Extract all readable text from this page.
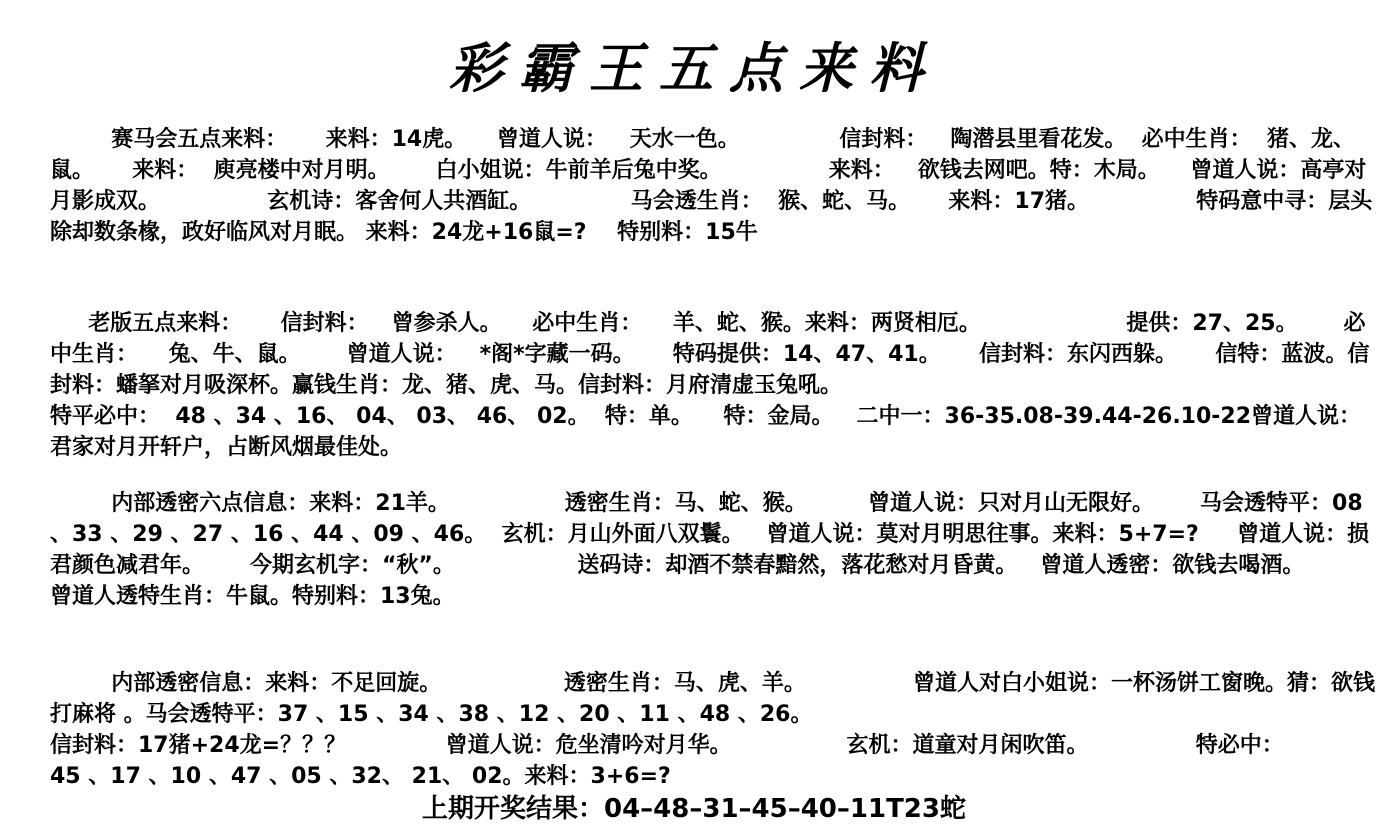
彩霸王五点来料
赛马会五点来料：     来料：14虎。    曾道人说：   天水一色。             信封料：   陶潜县里看花发。  必中生肖：  猪、龙、鼠。     来料：  庾亮楼中对月明。      白小姐说：牛前羊后兔中奖。              来料：   欲钱去网吧。特：木局。    曾道人说：高亭对月影成双。              玄机诗：客舍何人共酒缸。             马会透生肖：  猴、蛇、马。     来料：17猪。              特码意中寻：层头除却数条椽，政好临风对月眠。 来料：24龙+16鼠=?    特别料：15牛
老版五点来料：     信封料：   曾参杀人。    必中生肖：    羊、蛇、猴。来料：两贤相厄。                   提供：27、25。      必中生肖：    兔、牛、鼠。      曾道人说：   *阁*字藏一码。     特码提供：14、47、41。     信封料：东闪西躲。     信特：蓝波。信封料：蟠拏对月吸深杯。赢钱生肖：龙、猪、虎、马。信封料：月府清虚玉兔吼。
特平必中：  48 、34 、16、 04、 03、 46、 02。  特：单。    特：金局。   二中一：36-35.08-39.44-26.10-22曾道人说：君家对月开轩户，占断风烟最佳处。
内部透密六点信息：来料：21羊。               透密生肖：马、蛇、猴。        曾道人说：只对月山无限好。      马会透特平：08 、33 、29 、27 、16 、44 、09 、46。  玄机：月山外面八双鬟。   曾道人说：莫对月明思往事。来料：5+7=?     曾道人说：损君颜色减君年。      今期玄机字：“秋”。                送码诗：却酒不禁春黯然，落花愁对月昏黄。   曾道人透密：欲钱去喝酒。        曾道人透特生肖：牛鼠。特别料：13兔。
内部透密信息：来料：不足回旋。                透密生肖：马、虎、羊。              曾道人对白小姐说：一杯汤饼工窗晚。猜：欲钱打麻将 。马会透特平：37 、15 、34 、38 、12 、20 、11 、48 、26。
信封料：17猪+24龙=？？？             曾道人说：危坐清吟对月华。               玄机：道童对月闲吹笛。              特必中：
45 、17 、10 、47 、05 、32、 21、 02。来料：3+6=?
上期开奖结果：04–48–31–45–40–11T23蛇
